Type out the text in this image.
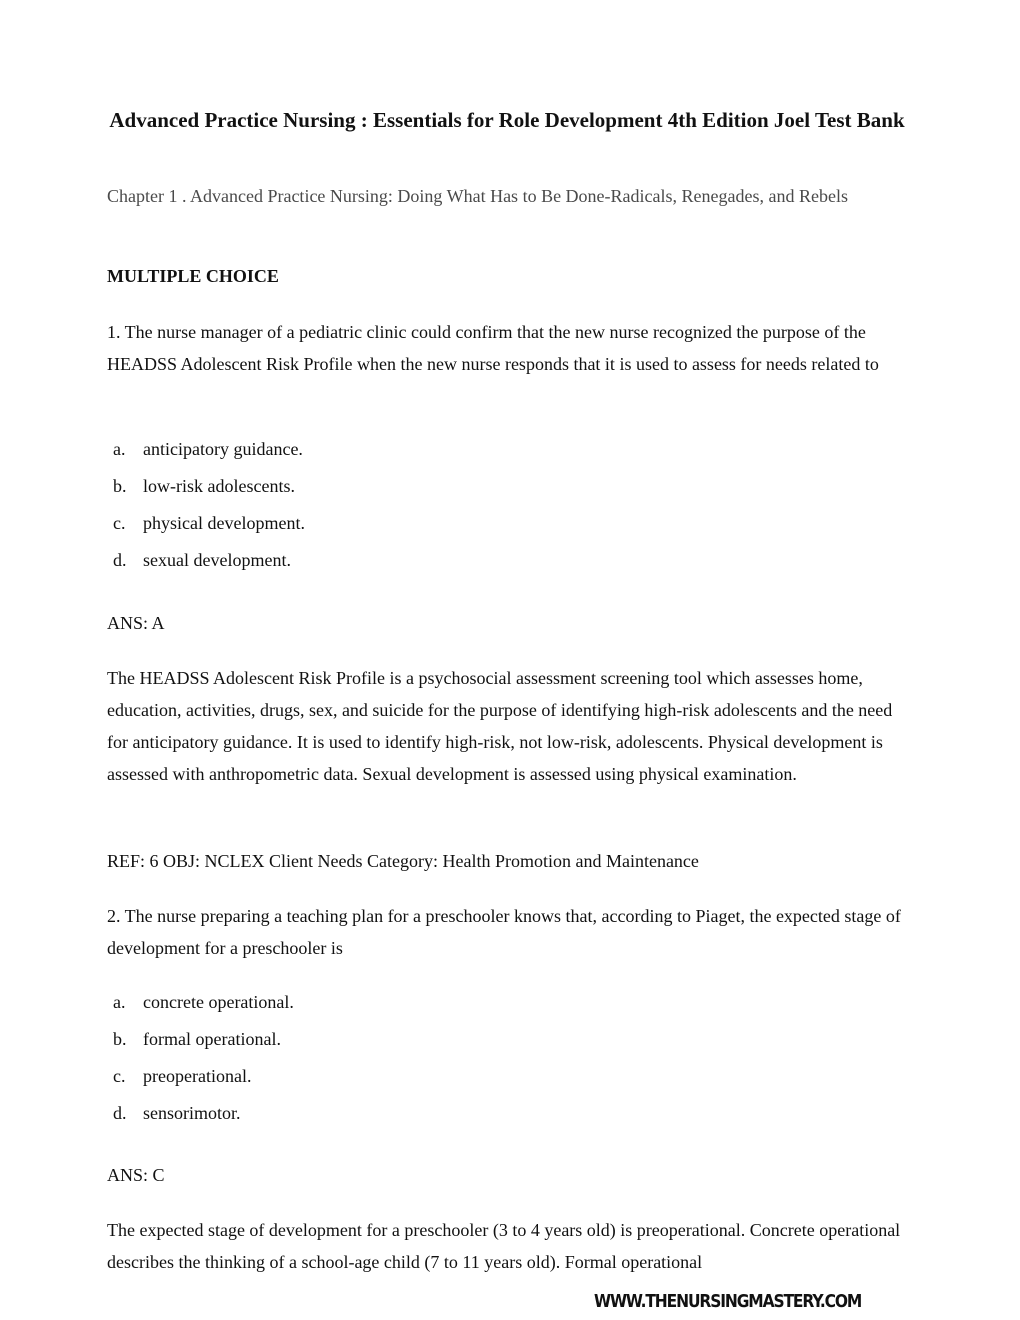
Advanced Practice Nursing : Essentials for Role Development 4th Edition Joel Test Bank

Chapter 1 . Advanced Practice Nursing: Doing What Has to Be Done-Radicals, Renegades, and Rebels

MULTIPLE CHOICE

1. The nurse manager of a pediatric clinic could confirm that the new nurse recognized the purpose of the HEADSS Adolescent Risk Profile when the new nurse responds that it is used to assess for needs related to

a. anticipatory guidance.
b. low-risk adolescents.
c. physical development.
d. sexual development.

ANS: A

The HEADSS Adolescent Risk Profile is a psychosocial assessment screening tool which assesses home, education, activities, drugs, sex, and suicide for the purpose of identifying high-risk adolescents and the need for anticipatory guidance. It is used to identify high-risk, not low-risk, adolescents. Physical development is assessed with anthropometric data. Sexual development is assessed using physical examination.

REF: 6 OBJ: NCLEX Client Needs Category: Health Promotion and Maintenance

2. The nurse preparing a teaching plan for a preschooler knows that, according to Piaget, the expected stage of development for a preschooler is

a. concrete operational.
b. formal operational.
c. preoperational.
d. sensorimotor.

ANS: C

The expected stage of development for a preschooler (3 to 4 years old) is preoperational. Concrete operational describes the thinking of a school-age child (7 to 11 years old). Formal operational

WWW.THENURSINGMASTERY.COM
